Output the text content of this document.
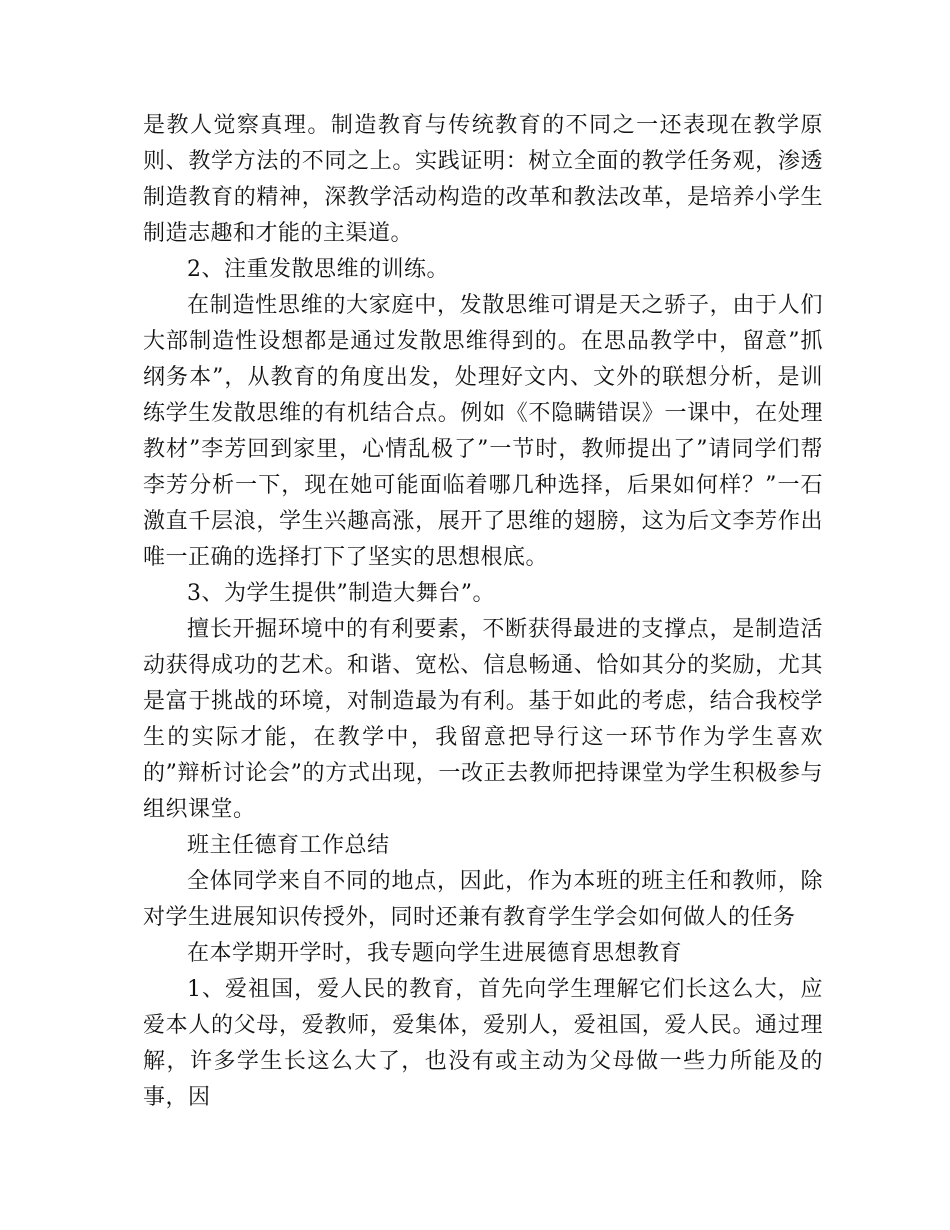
是教人觉察真理。制造教育与传统教育的不同之一还表现在教学原则、教学方法的不同之上。实践证明：树立全面的教学任务观，渗透制造教育的精神，深教学活动构造的改革和教法改革，是培养小学生制造志趣和才能的主渠道。

2、注重发散思维的训练。

在制造性思维的大家庭中，发散思维可谓是天之骄子，由于人们大部制造性设想都是通过发散思维得到的。在思品教学中，留意”抓纲务本”，从教育的角度出发，处理好文内、文外的联想分析，是训练学生发散思维的有机结合点。例如《不隐瞒错误》一课中，在处理教材”李芳回到家里，心情乱极了”一节时，教师提出了”请同学们帮李芳分析一下，现在她可能面临着哪几种选择，后果如何样？”一石激直千层浪，学生兴趣高涨，展开了思维的翅膀，这为后文李芳作出唯一正确的选择打下了坚实的思想根底。

3、为学生提供”制造大舞台”。

擅长开掘环境中的有利要素，不断获得最进的支撑点，是制造活动获得成功的艺术。和谐、宽松、信息畅通、恰如其分的奖励，尤其是富于挑战的环境，对制造最为有利。基于如此的考虑，结合我校学生的实际才能，在教学中，我留意把导行这一环节作为学生喜欢的”辩析讨论会”的方式出现，一改正去教师把持课堂为学生积极参与组织课堂。

班主任德育工作总结

全体同学来自不同的地点，因此，作为本班的班主任和教师，除对学生进展知识传授外，同时还兼有教育学生学会如何做人的任务

在本学期开学时，我专题向学生进展德育思想教育

1、爱祖国，爱人民的教育，首先向学生理解它们长这么大，应爱本人的父母，爱教师，爱集体，爱别人，爱祖国，爱人民。通过理解，许多学生长这么大了，也没有或主动为父母做一些力所能及的事，因
